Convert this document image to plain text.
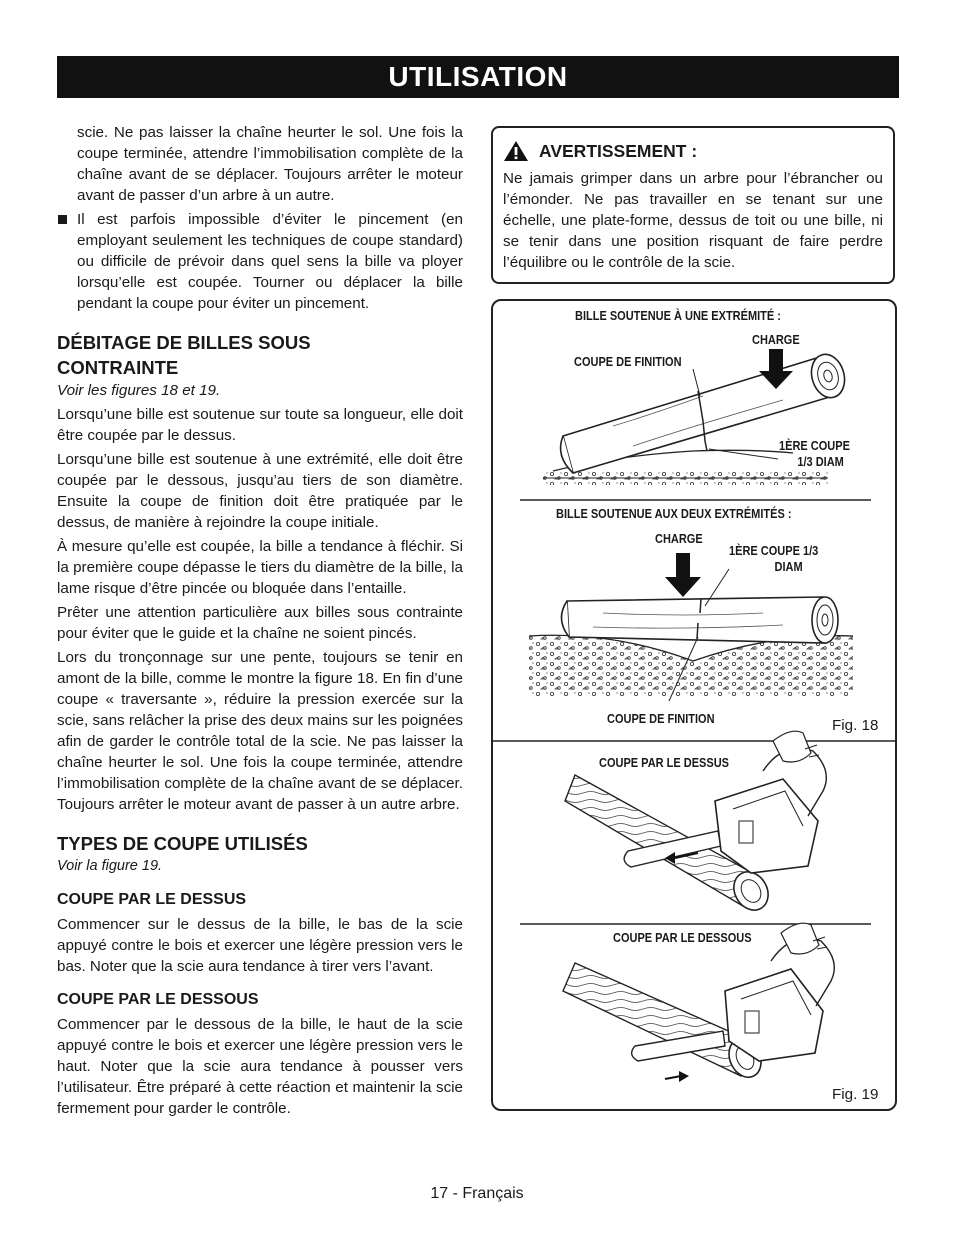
UTILISATION

scie. Ne pas laisser la chaîne heurter le sol. Une fois la coupe terminée, attendre l’immobilisation complète de la chaîne avant de se déplacer. Toujours arrêter le moteur avant de passer d’un arbre à un autre.

Il est parfois impossible d’éviter le pincement (en employant seulement les techniques de coupe standard) ou difficile de prévoir dans quel sens la bille va ployer lorsqu’elle est coupée. Tourner ou déplacer la bille pendant la coupe pour éviter un pincement.
DÉBITAGE DE BILLES SOUS
CONTRAINTE

Voir les figures 18 et 19.

Lorsqu’une bille est soutenue sur toute sa longueur, elle doit être coupée par le dessus.

Lorsqu’une bille est soutenue à une extrémité, elle doit être coupée par le dessous, jusqu’au tiers de son diamètre. Ensuite la coupe de finition doit être pratiquée par le dessus, de manière à rejoindre la coupe initiale.

À mesure qu’elle est coupée, la bille a tendance à fléchir. Si la première coupe dépasse le tiers du diamètre de la bille, la lame risque d’être pincée ou bloquée dans l’entaille.

Prêter une attention particulière aux billes sous contrainte pour éviter que le guide et la chaîne ne soient pincés.

Lors du tronçonnage sur une pente, toujours se tenir en amont de la bille, comme le montre la figure 18. En fin d’une coupe « traversante », réduire la pression exercée sur la scie, sans relâcher la prise des deux mains sur les poignées afin de garder le contrôle total de la scie. Ne pas laisser la chaîne heurter le sol. Une fois la coupe terminée, attendre l’immobilisation complète de la chaîne avant de se déplacer. Toujours arrêter le moteur avant de passer à un autre arbre.

TYPES DE COUPE UTILISÉS

Voir la figure 19.

COUPE PAR LE DESSUS

Commencer sur le dessus de la bille, le bas de la scie appuyé contre le bois et exercer une légère pression vers le bas. Noter que la scie aura tendance à tirer vers l’avant.

COUPE PAR LE DESSOUS

Commencer par le dessous de la bille, le haut de la scie appuyé contre le bois et exercer une légère pression vers le haut. Noter que la scie aura tendance à pousser vers l’utilisateur. Être préparé à cette réaction et maintenir la scie fermement pour garder le contrôle.

AVERTISSEMENT :

Ne jamais grimper dans un arbre pour l’ébrancher ou l’émonder. Ne pas travailler en se tenant sur une échelle, une plate-forme, dessus de toit ou une bille, ni se tenir dans une position risquant de faire perdre l’équilibre ou le contrôle de la scie.

BILLE SOUTENUE À UNE EXTRÉMITÉ :
CHARGE
COUPE DE FINITION
1ÈRE COUPE
1/3 DIAM
BILLE SOUTENUE AUX DEUX EXTRÉMITÉS :
CHARGE
1ÈRE COUPE 1/3
DIAM
COUPE DE FINITION	Fig. 18
COUPE PAR LE DESSUS
COUPE PAR LE DESSOUS
Fig. 19
17 - Français
